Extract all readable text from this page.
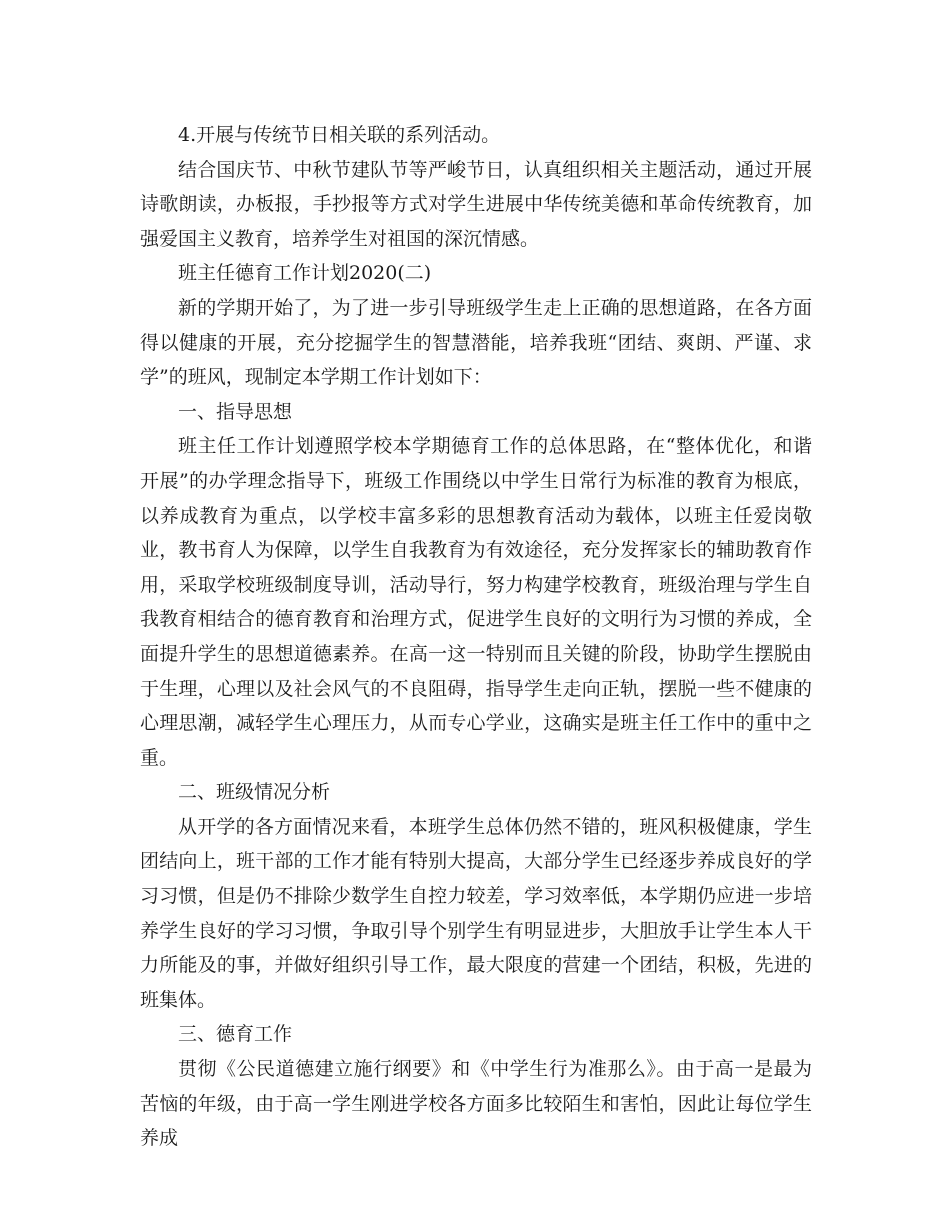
4.开展与传统节日相关联的系列活动。

结合国庆节、中秋节建队节等严峻节日，认真组织相关主题活动，通过开展诗歌朗读，办板报，手抄报等方式对学生进展中华传统美德和革命传统教育，加强爱国主义教育，培养学生对祖国的深沉情感。

班主任德育工作计划2020(二)

新的学期开始了，为了进一步引导班级学生走上正确的思想道路，在各方面得以健康的开展，充分挖掘学生的智慧潜能，培养我班“团结、爽朗、严谨、求学”的班风，现制定本学期工作计划如下：

一、指导思想

班主任工作计划遵照学校本学期德育工作的总体思路，在“整体优化，和谐开展”的办学理念指导下，班级工作围绕以中学生日常行为标准的教育为根底，以养成教育为重点，以学校丰富多彩的思想教育活动为载体，以班主任爱岗敬业，教书育人为保障，以学生自我教育为有效途径，充分发挥家长的辅助教育作用，采取学校班级制度导训，活动导行，努力构建学校教育，班级治理与学生自我教育相结合的德育教育和治理方式，促进学生良好的文明行为习惯的养成，全面提升学生的思想道德素养。在高一这一特别而且关键的阶段，协助学生摆脱由于生理，心理以及社会风气的不良阻碍，指导学生走向正轨，摆脱一些不健康的心理思潮，减轻学生心理压力，从而专心学业，这确实是班主任工作中的重中之重。

二、班级情况分析

从开学的各方面情况来看，本班学生总体仍然不错的，班风积极健康，学生团结向上，班干部的工作才能有特别大提高，大部分学生已经逐步养成良好的学习习惯，但是仍不排除少数学生自控力较差，学习效率低，本学期仍应进一步培养学生良好的学习习惯，争取引导个别学生有明显进步，大胆放手让学生本人干力所能及的事，并做好组织引导工作，最大限度的营建一个团结，积极，先进的班集体。

三、德育工作

贯彻《公民道德建立施行纲要》和《中学生行为准那么》。由于高一是最为苦恼的年级，由于高一学生刚进学校各方面多比较陌生和害怕，因此让每位学生养成
